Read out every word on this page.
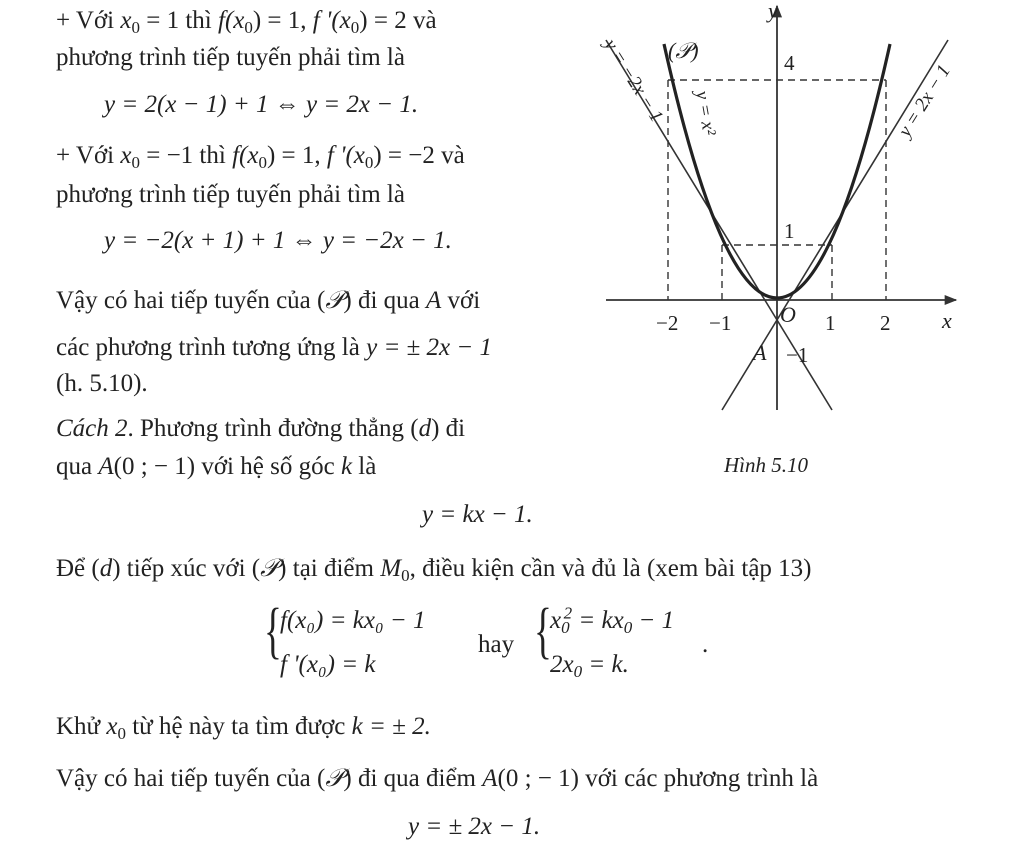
+ Với $x_0 = 1$ thì $f(x_0) = 1$, f '$(x_0) = 2$ và
phương trình tiếp tuyến phải tìm là
y = 2(x − 1) + 1 ⇔ y = 2x − 1.
+ Với $x_0 = -1$ thì $f(x_0) = 1$, f '$(x_0) = -2$ và
phương trình tiếp tuyến phải tìm là
y = −2(x + 1) + 1 ⇔ y = −2x − 1.
Vậy có hai tiếp tuyến của (𝒫) đi qua A với
các phương trình tương ứng là y = ± 2x − 1
(h. 5.10).
Cách 2. Phương trình đường thẳng (d) đi
qua A(0 ; − 1) với hệ số góc k là
y
x
O
A −1
4
1
−2 −1	1 2
(𝒫)
y = −2x − 1	y = 2x − 1
y = x²
Hình 5.10
y = kx − 1.
Để (d) tiếp xúc với (𝒫) tại điểm $M_0$, điều kiện cần và đủ là (xem bài tập 13)
{
f(x₀) = kx₀ − 1
f '(x₀) = k
hay {
$x_0^2 = kx_0 - 1$
$2x_0 = k$.
.
Khử $x_0$ từ hệ này ta tìm được k = ± 2.
Vậy có hai tiếp tuyến của (𝒫) đi qua điểm A(0 ; − 1) với các phương trình là
y = ± 2x − 1.
